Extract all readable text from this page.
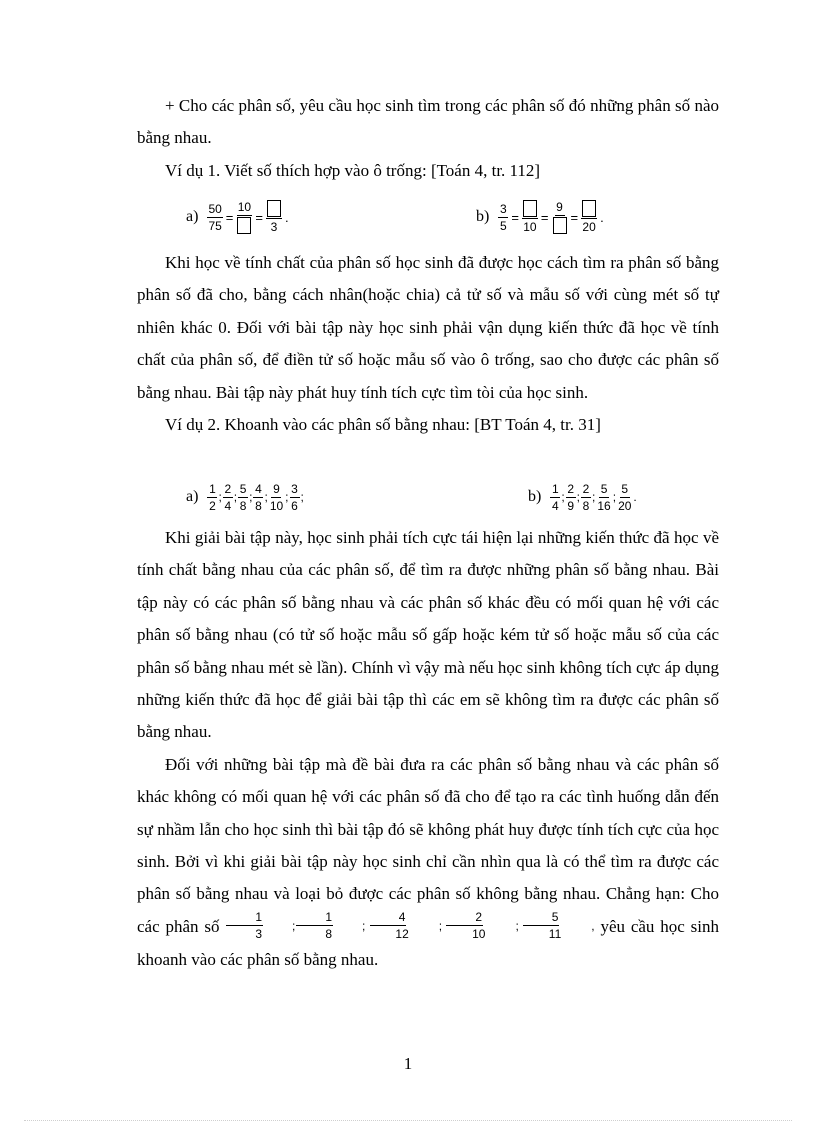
+ Cho các phân số, yêu cầu học sinh tìm trong các phân số đó những phân số nào bằng nhau.

Ví dụ 1. Viết số thích hợp vào ô trống: [Toán 4, tr. 112]

$a) \frac{50}{75}$ =
10
=
3
.	$b) \frac{3}{5}$ =
10
=
9
=
20
.

Khi học về tính chất của phân số học sinh đã được học cách tìm ra phân số bằng phân số đã cho, bằng cách nhân(hoặc chia) cả tử số và mẫu số với cùng mét số tự nhiên khác 0. Đối với bài tập này học sinh phải vận dụng kiến thức đã học về tính chất của phân số, để điền tử số hoặc mẫu số vào ô trống, sao cho được các phân số bằng nhau. Bài tập này phát huy tính tích cực tìm tòi của học sinh.

Ví dụ 2. Khoanh vào các phân số bằng nhau: [BT Toán 4, tr. 31]

$a) \frac{1}{2}$ ; $\frac{2}{4}$ ; $\frac{5}{8}$ ; $\frac{4}{8}$ ; $\frac{9}{10}$ ; $\frac{3}{6}$ ;	$b) \frac{1}{4}$ ; $\frac{2}{9}$ ; $\frac{2}{8}$ ; $\frac{5}{16}$ ; $\frac{5}{20}$ .

Khi giải bài tập này, học sinh phải tích cực tái hiện lại những kiến thức đã học về tính chất bằng nhau của các phân số, để tìm ra được những phân số bằng nhau. Bài tập này có các phân số bằng nhau và các phân số khác đều có mối quan hệ với các phân số bằng nhau (có tử số hoặc mẫu số gấp hoặc kém tử số hoặc mẫu số của các phân số bằng nhau mét sè lần). Chính vì vậy mà nếu học sinh không tích cực áp dụng những kiến thức đã học để giải bài tập thì các em sẽ không tìm ra được các phân số bằng nhau.

Đối với những bài tập mà đề bài đưa ra các phân số bằng nhau và các phân số khác không có mối quan hệ với các phân số đã cho để tạo ra các tình huống dẫn đến sự nhầm lẫn cho học sinh thì bài tập đó sẽ không phát huy được tính tích cực của học sinh. Bởi vì khi giải bài tập này học sinh chỉ cần nhìn qua là có thể tìm ra được các phân số bằng nhau và loại bỏ được các phân số không bằng nhau. Chẳng hạn: Cho các phân số $\frac{1}{3}$	; $\frac{1}{8}$	; $\frac{4}{12}$	; $\frac{2}{10}$	; $\frac{5}{11}$	, yêu cầu học sinh khoanh vào các phân số bằng nhau.

1
